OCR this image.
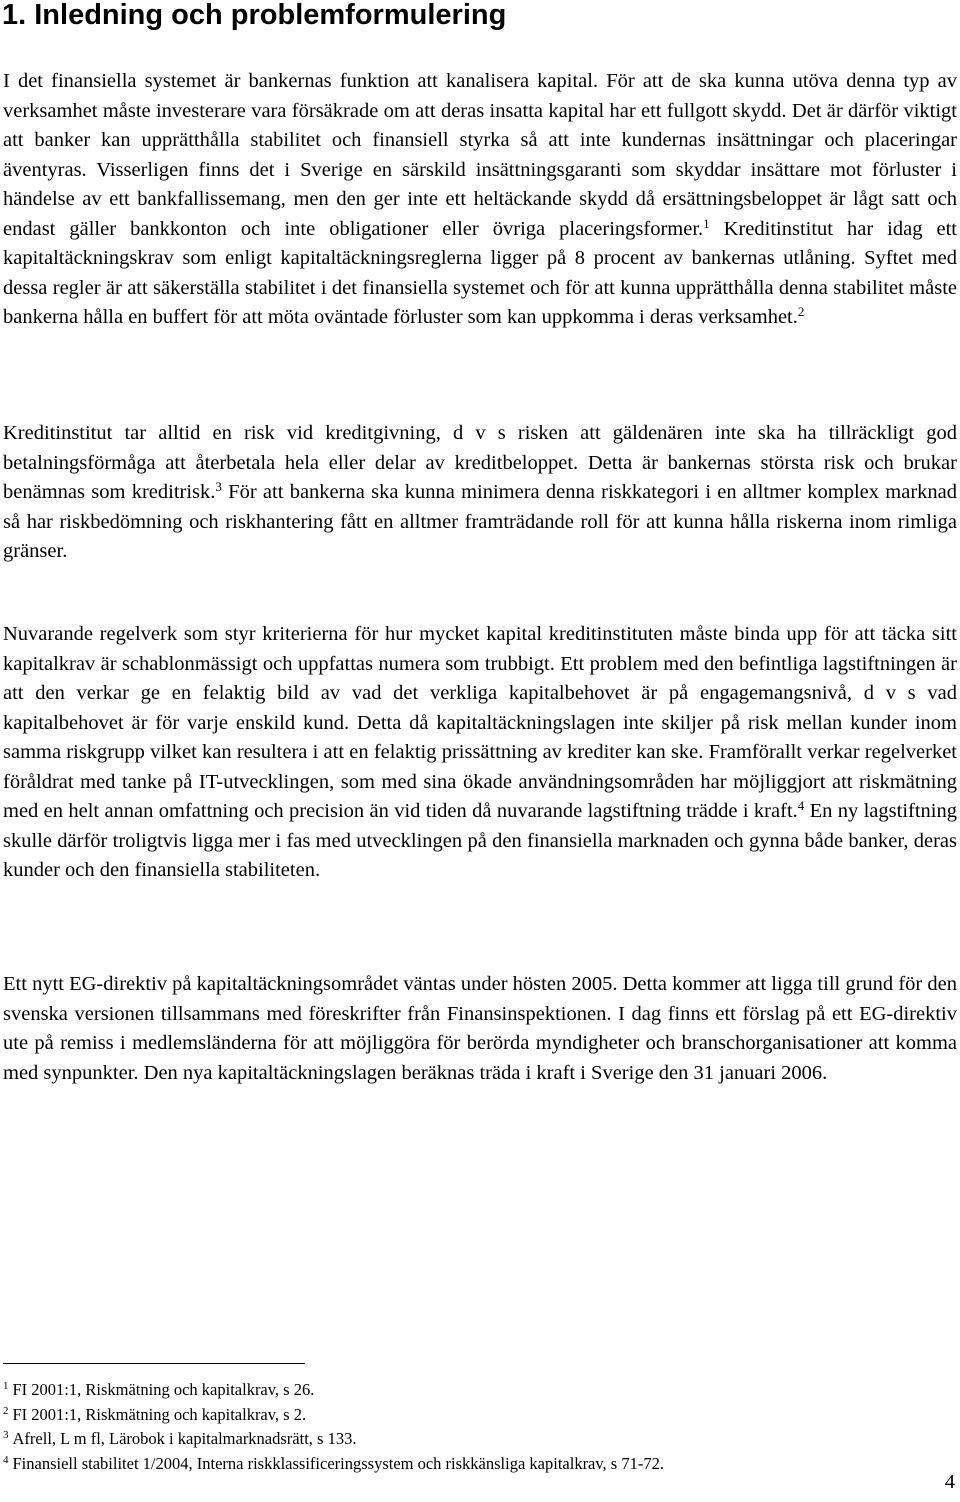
1. Inledning och problemformulering

I det finansiella systemet är bankernas funktion att kanalisera kapital. För att de ska kunna utöva denna typ av verksamhet måste investerare vara försäkrade om att deras insatta kapital har ett fullgott skydd. Det är därför viktigt att banker kan upprätthålla stabilitet och finansiell styrka så att inte kundernas insättningar och placeringar äventyras. Visserligen finns det i Sverige en särskild insättningsgaranti som skyddar insättare mot förluster i händelse av ett bankfallissemang, men den ger inte ett heltäckande skydd då ersättningsbeloppet är lågt satt och endast gäller bankkonton och inte obligationer eller övriga placeringsformer.$^1$ Kreditinstitut har idag ett kapitaltäckningskrav som enligt kapitaltäckningsreglerna ligger på 8 procent av bankernas utlåning. Syftet med dessa regler är att säkerställa stabilitet i det finansiella systemet och för att kunna upprätthålla denna stabilitet måste bankerna hålla en buffert för att möta oväntade förluster som kan uppkomma i deras verksamhet.$^2$

Kreditinstitut tar alltid en risk vid kreditgivning, d v s risken att gäldenären inte ska ha tillräckligt god betalningsförmåga att återbetala hela eller delar av kreditbeloppet. Detta är bankernas största risk och brukar benämnas som kreditrisk.$^3$ För att bankerna ska kunna minimera denna riskkategori i en alltmer komplex marknad så har riskbedömning och riskhantering fått en alltmer framträdande roll för att kunna hålla riskerna inom rimliga gränser.

Nuvarande regelverk som styr kriterierna för hur mycket kapital kreditinstituten måste binda upp för att täcka sitt kapitalkrav är schablonmässigt och uppfattas numera som trubbigt. Ett problem med den befintliga lagstiftningen är att den verkar ge en felaktig bild av vad det verkliga kapitalbehovet är på engagemangsnivå, d v s vad kapitalbehovet är för varje enskild kund. Detta då kapitaltäckningslagen inte skiljer på risk mellan kunder inom samma riskgrupp vilket kan resultera i att en felaktig prissättning av krediter kan ske. Framförallt verkar regelverket föråldrat med tanke på IT-utvecklingen, som med sina ökade användningsområden har möjliggjort att riskmätning med en helt annan omfattning och precision än vid tiden då nuvarande lagstiftning trädde i kraft.$^4$ En ny lagstiftning skulle därför troligtvis ligga mer i fas med utvecklingen på den finansiella marknaden och gynna både banker, deras kunder och den finansiella stabiliteten.

Ett nytt EG-direktiv på kapitaltäckningsområdet väntas under hösten 2005. Detta kommer att ligga till grund för den svenska versionen tillsammans med föreskrifter från Finansinspektionen. I dag finns ett förslag på ett EG-direktiv ute på remiss i medlemsländerna för att möjliggöra för berörda myndigheter och branschorganisationer att komma med synpunkter. Den nya kapitaltäckningslagen beräknas träda i kraft i Sverige den 31 januari 2006.

$^1$ FI 2001:1, Riskmätning och kapitalkrav, s 26.
$^2$ FI 2001:1, Riskmätning och kapitalkrav, s 2.
$^3$ Afrell, L m fl, Lärobok i kapitalmarknadsrätt, s 133.
$^4$ Finansiell stabilitet 1/2004, Interna riskklassificeringssystem och riskkänsliga kapitalkrav, s 71-72.
4
